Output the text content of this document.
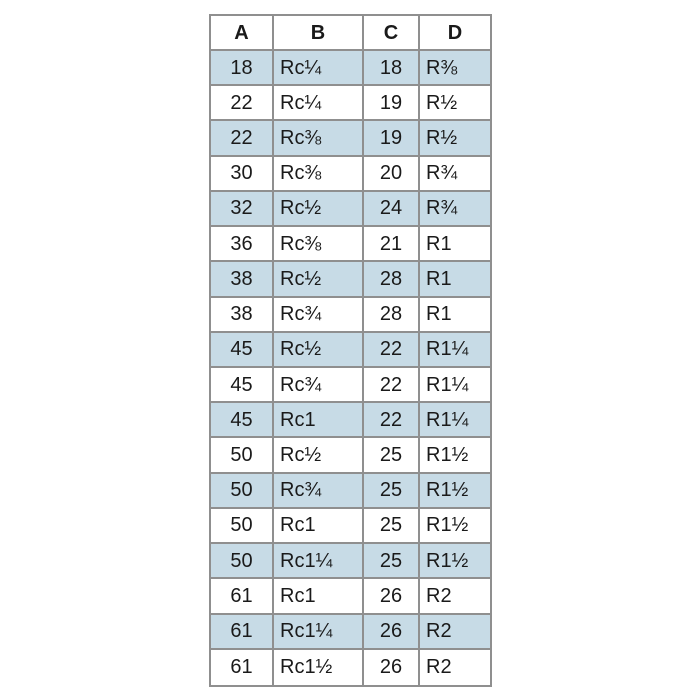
A	B	C	D
18	Rc¼	18	R⅜
22	Rc¼	19	R½
22	Rc⅜	19	R½
30	Rc⅜	20	R¾
32	Rc½	24	R¾
36	Rc⅜	21	R1
38	Rc½	28	R1
38	Rc¾	28	R1
45	Rc½	22	R1¼
45	Rc¾	22	R1¼
45	Rc1	22	R1¼
50	Rc½	25	R1½
50	Rc¾	25	R1½
50	Rc1	25	R1½
50	Rc1¼	25	R1½
61	Rc1	26	R2
61	Rc1¼	26	R2
61	Rc1½	26	R2
